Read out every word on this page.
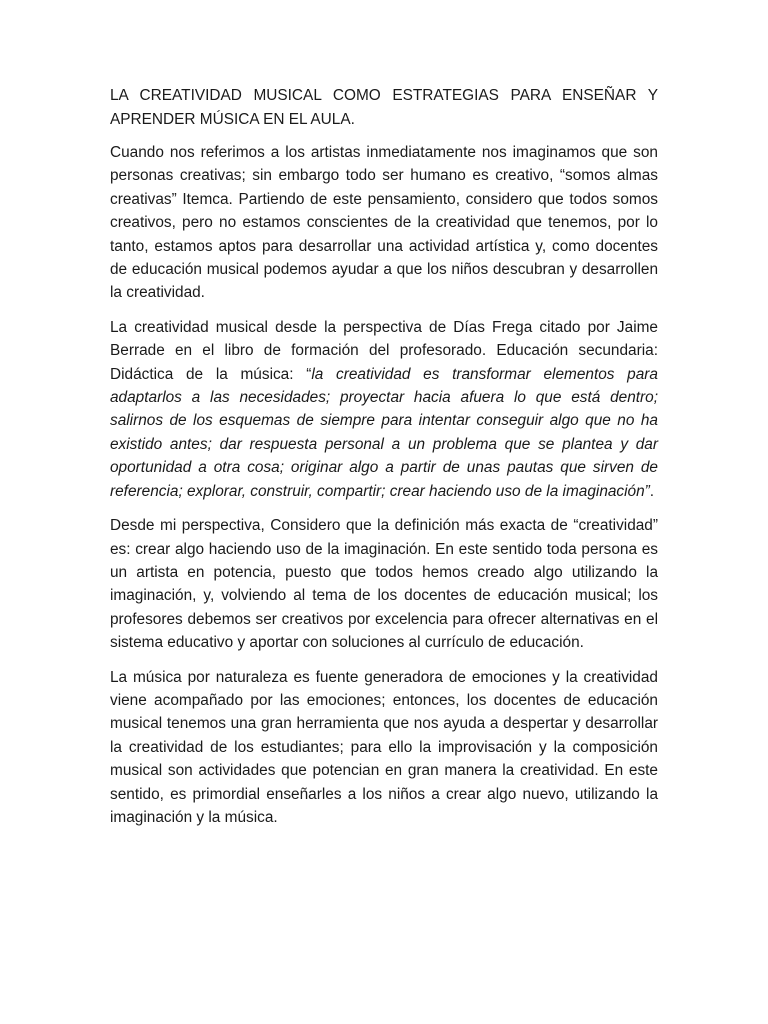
LA CREATIVIDAD MUSICAL COMO ESTRATEGIAS PARA ENSEÑAR Y APRENDER MÚSICA EN EL AULA.

Cuando nos referimos a los artistas inmediatamente nos imaginamos que son personas creativas; sin embargo todo ser humano es creativo, “somos almas creativas” Itemca. Partiendo de este pensamiento, considero que todos somos creativos, pero no estamos conscientes de la creatividad que tenemos, por lo tanto, estamos aptos para desarrollar una actividad artística y, como docentes de educación musical podemos ayudar a que los niños descubran y desarrollen la creatividad.

La creatividad musical desde la perspectiva de Días Frega citado por Jaime Berrade en el libro de formación del profesorado. Educación secundaria: Didáctica de la música: “la creatividad es transformar elementos para adaptarlos a las necesidades; proyectar hacia afuera lo que está dentro; salirnos de los esquemas de siempre para intentar conseguir algo que no ha existido antes; dar respuesta personal a un problema que se plantea y dar oportunidad a otra cosa; originar algo a partir de unas pautas que sirven de referencia; explorar, construir, compartir; crear haciendo uso de la imaginación”.

Desde mi perspectiva, Considero que la definición más exacta de “creatividad” es: crear algo haciendo uso de la imaginación. En este sentido toda persona es un artista en potencia, puesto que todos hemos creado algo utilizando la imaginación, y, volviendo al tema de los docentes de educación musical; los profesores debemos ser creativos por excelencia para ofrecer alternativas en el sistema educativo y aportar con soluciones al currículo de educación.

La música por naturaleza es fuente generadora de emociones y la creatividad viene acompañado por las emociones; entonces, los docentes de educación musical tenemos una gran herramienta que nos ayuda a despertar y desarrollar la creatividad de los estudiantes; para ello la improvisación y la composición musical son actividades que potencian en gran manera la creatividad. En este sentido, es primordial enseñarles a los niños a crear algo nuevo, utilizando la imaginación y la música.
